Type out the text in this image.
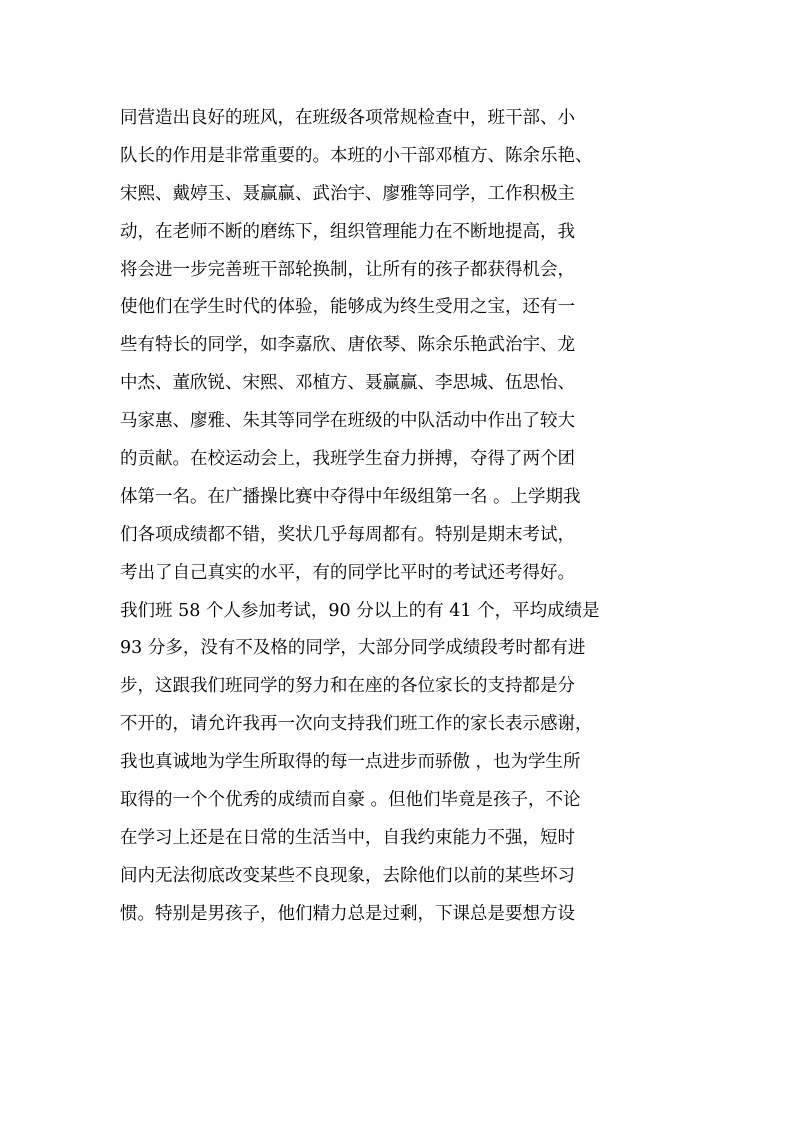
同营造出良好的班风，在班级各项常规检查中，班干部、小
队长的作用是非常重要的。本班的小干部邓植方、陈余乐艳、
宋熙、戴婷玉、聂赢赢、武治宇、廖雅等同学，工作积极主
动，在老师不断的磨练下，组织管理能力在不断地提高，我
将会进一步完善班干部轮换制，让所有的孩子都获得机会，
使他们在学生时代的体验，能够成为终生受用之宝，还有一
些有特长的同学，如李嘉欣、唐依琴、陈余乐艳武治宇、龙
中杰、董欣锐、宋熙、邓植方、聂赢赢、李思城、伍思怡、
马家惠、廖雅、朱其等同学在班级的中队活动中作出了较大
的贡献。在校运动会上，我班学生奋力拼搏，夺得了两个团
体第一名。在广播操比赛中夺得中年级组第一名 。上学期我
们各项成绩都不错，奖状几乎每周都有。特别是期末考试，
考出了自己真实的水平，有的同学比平时的考试还考得好。
我们班 58 个人参加考试，90 分以上的有 41 个，平均成绩是
93 分多，没有不及格的同学，大部分同学成绩段考时都有进
步，这跟我们班同学的努力和在座的各位家长的支持都是分
不开的，请允许我再一次向支持我们班工作的家长表示感谢，
我也真诚地为学生所取得的每一点进步而骄傲 ，也为学生所
取得的一个个优秀的成绩而自豪 。但他们毕竟是孩子，不论
在学习上还是在日常的生活当中，自我约束能力不强，短时
间内无法彻底改变某些不良现象，去除他们以前的某些坏习
惯。特别是男孩子，他们精力总是过剩，下课总是要想方设
